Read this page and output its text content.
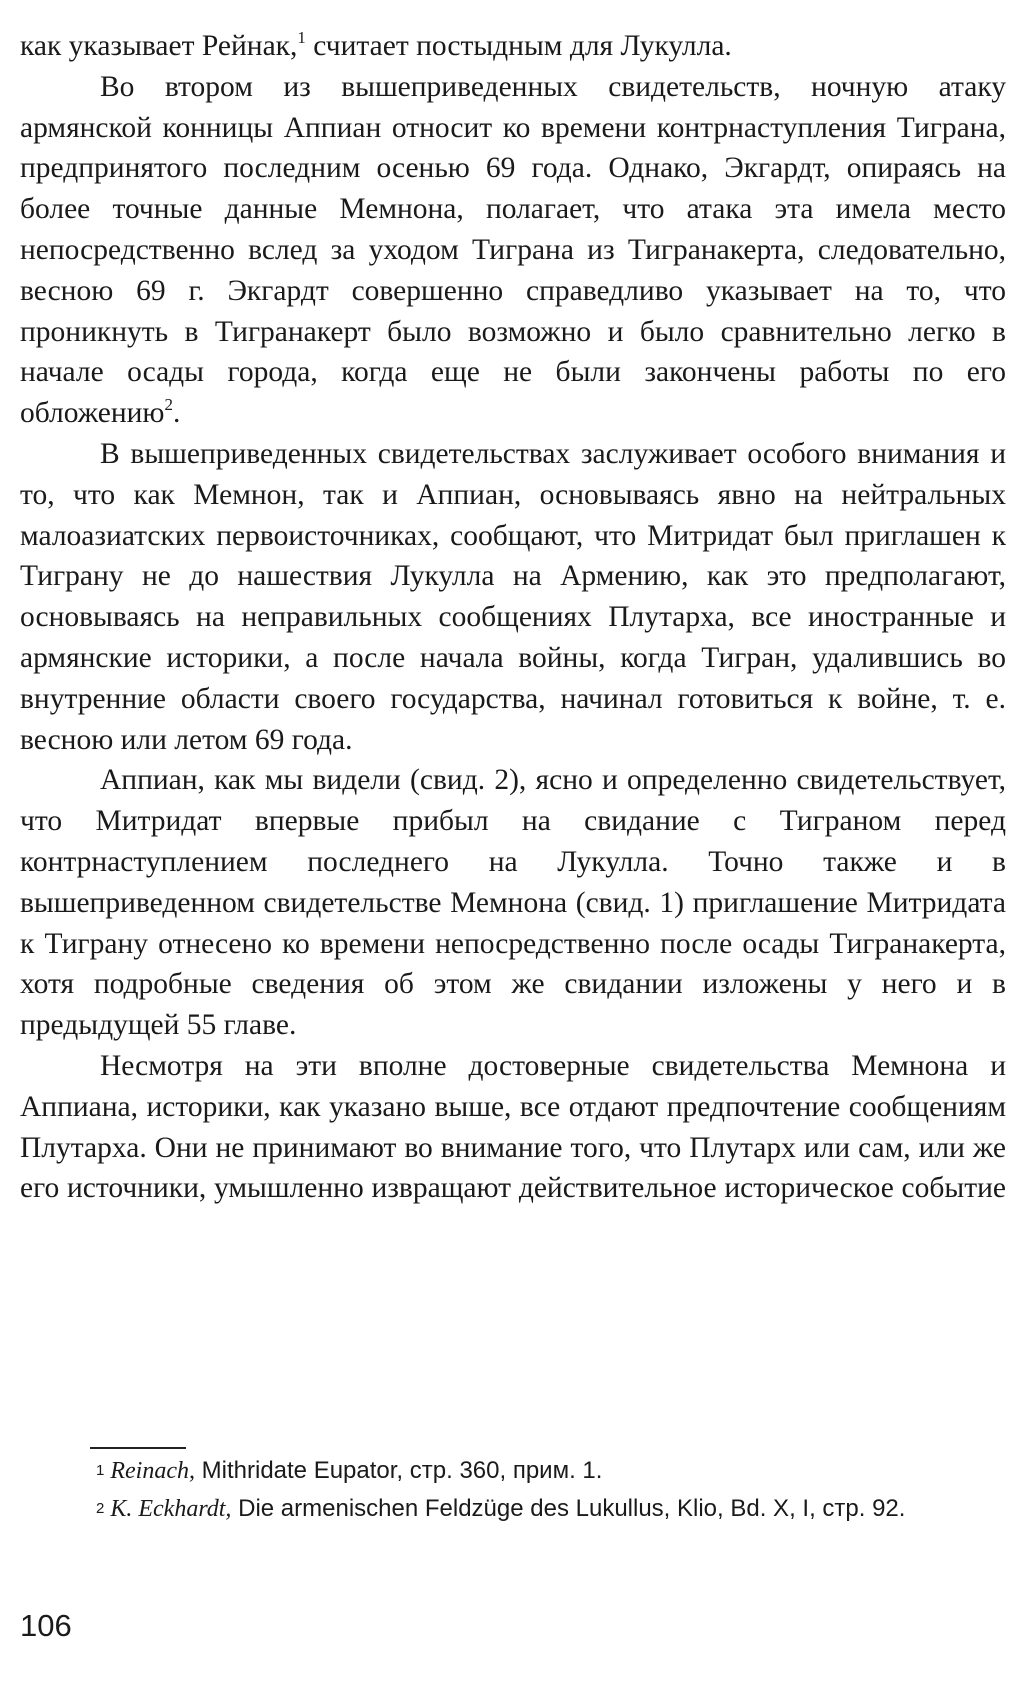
как указывает Рейнак,$^1$ считает постыдным для Лукулла.

Во втором из вышеприведенных свидетельств, ночную атаку армянской конницы Аппиан относит ко времени контрнаступления Тиграна, предпринятого последним осенью 69 года. Однако, Экгардт, опираясь на более точные данные Мемнона, полагает, что атака эта имела место непосредственно вслед за уходом Тиграна из Тигранакерта, следовательно, весною 69 г. Экгардт совершенно справедливо указывает на то, что проникнуть в Тигранакерт было возможно и было сравнительно легко в начале осады города, когда еще не были закончены работы по его обложению$^2$.

В вышеприведенных свидетельствах заслуживает особого внимания и то, что как Мемнон, так и Аппиан, основываясь явно на нейтральных малоазиатских первоисточниках, сообщают, что Митридат был приглашен к Тиграну не до нашествия Лукулла на Армению, как это предполагают, основываясь на неправильных сообщениях Плутарха, все иностранные и армянские историки, а после начала войны, когда Тигран, удалившись во внутренние области своего государства, начинал готовиться к войне, т. е. весною или летом 69 года.

Аппиан, как мы видели (свид. 2), ясно и определенно свидетельствует, что Митридат впервые прибыл на свидание с Тиграном перед контрнаступлением последнего на Лукулла. Точно также и в вышеприведенном свидетельстве Мемнона (свид. 1) приглашение Митридата к Тиграну отнесено ко времени непосредственно после осады Тигранакерта, хотя подробные сведения об этом же свидании изложены у него и в предыдущей 55 главе.

Несмотря на эти вполне достоверные свидетельства Мемнона и Аппиана, историки, как указано выше, все отдают предпочтение сообщениям Плутарха. Они не принимают во внимание того, что Плутарх или сам, или же его источники, умышленно извращают действительное историческое событие

1 Reinach, Mithridate Eupator, стр. 360, прим. 1.

2 K. Eckhardt, Die armenischen Feldzüge des Lukullus, Klio, Bd. X, I, стр. 92.

106
